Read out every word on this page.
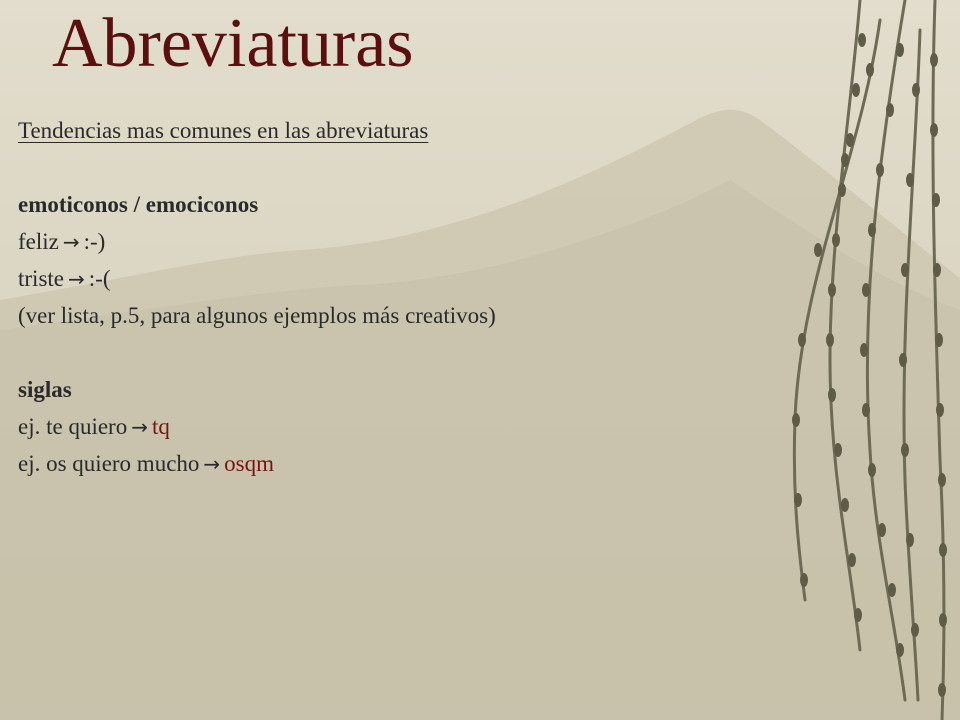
Abreviaturas
Tendencias mas comunes en las abreviaturas
emoticonos / emociconos
feliz → :-)
triste → :-(
(ver lista, p.5, para algunos ejemplos más creativos)
siglas
ej. te quiero → tq
ej. os quiero mucho → osqm
